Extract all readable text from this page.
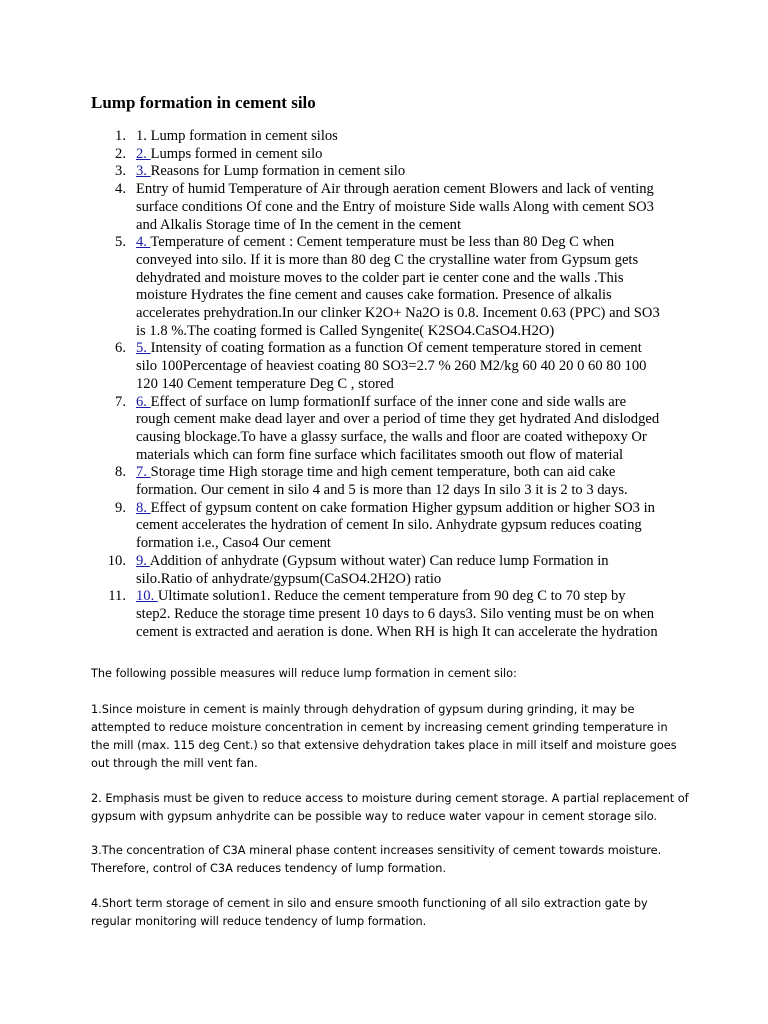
Lump formation in cement silo
1. 1. Lump formation in cement silos
2. 2. Lumps formed in cement silo
3. 3. Reasons for Lump formation in cement silo
4. Entry of humid Temperature of Air through aeration cement Blowers and lack of venting
surface conditions Of cone and the Entry of moisture Side walls Along with cement SO3
and Alkalis Storage time of In the cement in the cement
5. 4. Temperature of cement : Cement temperature must be less than 80 Deg C when
conveyed into silo. If it is more than 80 deg C the crystalline water from Gypsum gets
dehydrated and moisture moves to the colder part ie center cone and the walls .This
moisture Hydrates the fine cement and causes cake formation. Presence of alkalis
accelerates prehydration.In our clinker K2O+ Na2O is 0.8. Incement 0.63 (PPC) and SO3
is 1.8 %.The coating formed is Called Syngenite( K2SO4.CaSO4.H2O)
6. 5. Intensity of coating formation as a function Of cement temperature stored in cement
silo 100Percentage of heaviest coating 80 SO3=2.7 % 260 M2/kg 60 40 20 0 60 80 100
120 140 Cement temperature Deg C , stored
7. 6. Effect of surface on lump formationIf surface of the inner cone and side walls are
rough cement make dead layer and over a period of time they get hydrated And dislodged
causing blockage.To have a glassy surface, the walls and floor are coated withepoxy Or
materials which can form fine surface which facilitates smooth out flow of material
8. 7. Storage time High storage time and high cement temperature, both can aid cake
formation. Our cement in silo 4 and 5 is more than 12 days In silo 3 it is 2 to 3 days.
9. 8. Effect of gypsum content on cake formation Higher gypsum addition or higher SO3 in
cement accelerates the hydration of cement In silo. Anhydrate gypsum reduces coating
formation i.e., Caso4 Our cement
10. 9. Addition of anhydrate (Gypsum without water) Can reduce lump Formation in
silo.Ratio of anhydrate/gypsum(CaSO4.2H2O) ratio
11. 10. Ultimate solution1. Reduce the cement temperature from 90 deg C to 70 step by
step2. Reduce the storage time present 10 days to 6 days3. Silo venting must be on when
cement is extracted and aeration is done. When RH is high It can accelerate the hydration

The following possible measures will reduce lump formation in cement silo:

1.Since moisture in cement is mainly through dehydration of gypsum during grinding, it may be
attempted to reduce moisture concentration in cement by increasing cement grinding temperature in
the mill (max. 115 deg Cent.) so that extensive dehydration takes place in mill itself and moisture goes
out through the mill vent fan.

2. Emphasis must be given to reduce access to moisture during cement storage. A partial replacement of
gypsum with gypsum anhydrite can be possible way to reduce water vapour in cement storage silo.

3.The concentration of C3A mineral phase content increases sensitivity of cement towards moisture.
Therefore, control of C3A reduces tendency of lump formation.

4.Short term storage of cement in silo and ensure smooth functioning of all silo extraction gate by
regular monitoring will reduce tendency of lump formation.
